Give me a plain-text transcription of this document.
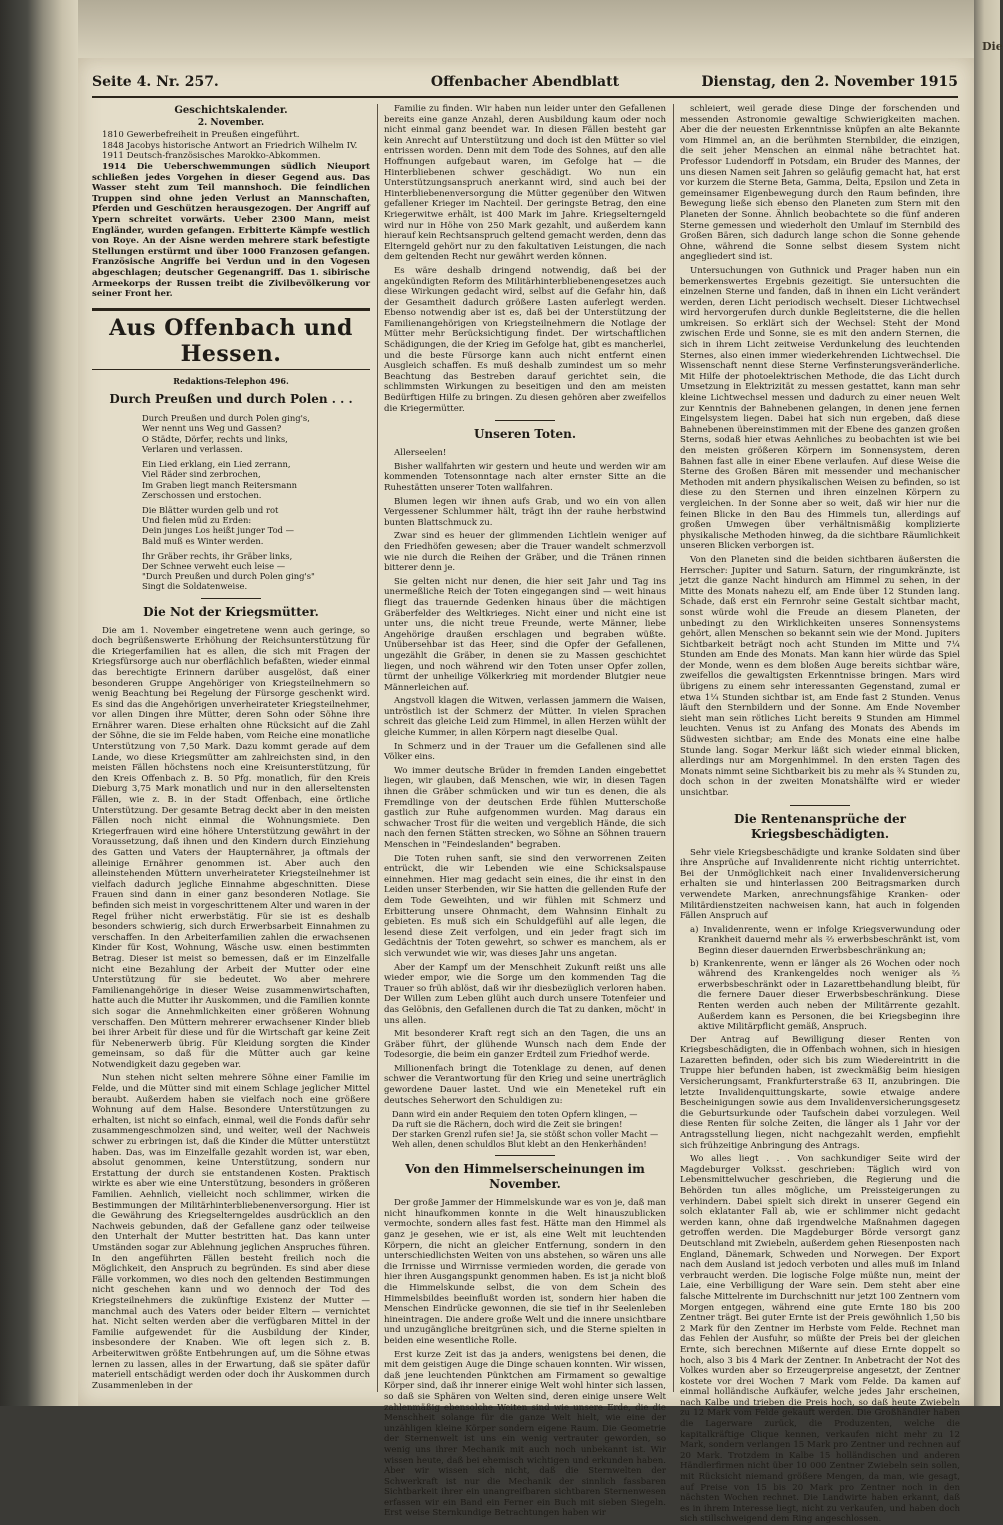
Die
Seite 4. Nr. 257.	Offenbacher Abendblatt	Dienstag, den 2. November 1915
Geschichtskalender.
2. November.

1810 Gewerbefreiheit in Preußen eingeführt.

1848 Jacobys historische Antwort an Friedrich Wilhelm IV.

1911 Deutsch-französisches Marokko-Abkommen.

1914 Die Ueberschwemmungen südlich Nieuport schließen jedes Vorgehen in dieser Gegend aus. Das Wasser steht zum Teil mannshoch. Die feindlichen Truppen sind ohne jeden Verlust an Mannschaften, Pferden und Geschützen herausgezogen. Der Angriff auf Ypern schreitet vorwärts. Ueber 2300 Mann, meist Engländer, wurden gefangen. Erbitterte Kämpfe westlich von Roye. An der Aisne werden mehrere stark befestigte Stellungen erstürmt und über 1000 Franzosen gefangen. Französische Angriffe bei Verdun und in den Vogesen abgeschlagen; deutscher Gegenangriff. Das 1. sibirische Armeekorps der Russen treibt die Zivilbevölkerung vor seiner Front her.

Aus Offenbach und Hessen.
Redaktions-Telephon 496.
Durch Preußen und durch Polen . . .
Durch Preußen und durch Polen ging's,
Wer nennt uns Weg und Gassen?
O Städte, Dörfer, rechts und links,
Verlaren und verlassen.
Ein Lied erklang, ein Lied zerrann,
Viel Räder sind zerbrochen,
Im Graben liegt manch Reitersmann
Zerschossen und erstochen.
Die Blätter wurden gelb und rot
Und fielen müd zu Erden:
Dein junges Los heißt junger Tod —
Bald muß es Winter werden.
Ihr Gräber rechts, ihr Gräber links,
Der Schnee verweht euch leise —
"Durch Preußen und durch Polen ging's"
Singt die Soldatenweise.
Die Not der Kriegsmütter.

Die am 1. November eingetretene wenn auch geringe, so doch begrüßenswerte Erhöhung der Reichsunterstützung für die Kriegerfamilien hat es allen, die sich mit Fragen der Kriegsfürsorge auch nur oberflächlich befaßten, wieder einmal das berechtigte Erinnern darüber ausgelöst, daß einer besonderen Gruppe Angehöriger von Kriegsteilnehmern so wenig Beachtung bei Regelung der Fürsorge geschenkt wird. Es sind das die Angehörigen unverheirateter Kriegsteilnehmer, vor allen Dingen ihre Mütter, deren Sohn oder Söhne ihre Ernährer waren. Diese erhalten ohne Rücksicht auf die Zahl der Söhne, die sie im Felde haben, vom Reiche eine monatliche Unterstützung von 7,50 Mark. Dazu kommt gerade auf dem Lande, wo diese Kriegsmütter am zahlreichsten sind, in den meisten Fällen höchstens noch eine Kreisunterstützung, für den Kreis Offenbach z. B. 50 Pfg. monatlich, für den Kreis Dieburg 3,75 Mark monatlich und nur in den allerseltensten Fällen, wie z. B. in der Stadt Offenbach, eine örtliche Unterstützung. Der gesamte Betrag deckt aber in den meisten Fällen noch nicht einmal die Wohnungsmiete. Den Kriegerfrauen wird eine höhere Unterstützung gewährt in der Voraussetzung, daß ihnen und den Kindern durch Einziehung des Gatten und Vaters der Haupternährer, ja oftmals der alleinige Ernährer genommen ist. Aber auch den alleinstehenden Müttern unverheirateter Kriegsteilnehmer ist vielfach dadurch jegliche Einnahme abgeschnitten. Diese Frauen sind dann in einer ganz besonderen Notlage. Sie befinden sich meist in vorgeschrittenem Alter und waren in der Regel früher nicht erwerbstätig. Für sie ist es deshalb besonders schwierig, sich durch Erwerbsarbeit Einnahmen zu verschaffen. In den Arbeiterfamilien zahlen die erwachsenen Kinder für Kost, Wohnung, Wäsche usw. einen bestimmten Betrag. Dieser ist meist so bemessen, daß er im Einzelfalle nicht eine Bezahlung der Arbeit der Mutter oder eine Unterstützung für sie bedeutet. Wo aber mehrere Familienangehörige in dieser Weise zusammenwirtschaften, hatte auch die Mutter ihr Auskommen, und die Familien konnte sich sogar die Annehmlichkeiten einer größeren Wohnung verschaffen. Den Müttern mehrerer erwachsener Kinder blieb bei ihrer Arbeit für diese und für die Wirtschaft gar keine Zeit für Nebenerwerb übrig. Für Kleidung sorgten die Kinder gemeinsam, so daß für die Mütter auch gar keine Notwendigkeit dazu gegeben war.

Nun stehen nicht selten mehrere Söhne einer Familie im Felde, und die Mütter sind mit einem Schlage jeglicher Mittel beraubt. Außerdem haben sie vielfach noch eine größere Wohnung auf dem Halse. Besondere Unterstützungen zu erhalten, ist nicht so einfach, einmal, weil die Fonds dafür sehr zusammengeschmolzen sind, und weiter, weil der Nachweis schwer zu erbringen ist, daß die Kinder die Mütter unterstützt haben. Das, was im Einzelfalle gezahlt worden ist, war eben, absolut genommen, keine Unterstützung, sondern nur Erstattung der durch sie entstandenen Kosten. Praktisch wirkte es aber wie eine Unterstützung, besonders in größeren Familien. Aehnlich, vielleicht noch schlimmer, wirken die Bestimmungen der Militärhinterbliebenenversorgung. Hier ist die Gewährung des Kriegselterngeldes ausdrücklich an den Nachweis gebunden, daß der Gefallene ganz oder teilweise den Unterhalt der Mutter bestritten hat. Das kann unter Umständen sogar zur Ablehnung jeglichen Anspruches führen. In den angeführten Fällen besteht freilich noch die Möglichkeit, den Anspruch zu begründen. Es sind aber diese Fälle vorkommen, wo dies noch den geltenden Bestimmungen nicht geschehen kann und wo dennoch der Tod des Kriegsteilnehmers die zukünftige Existenz der Mutter — manchmal auch des Vaters oder beider Eltern — vernichtet hat. Nicht selten werden aber die verfügbaren Mittel in der Familie aufgewendet für die Ausbildung der Kinder, insbesondere der Knaben. Wie oft legen sich z. B. Arbeiterwitwen größte Entbehrungen auf, um die Söhne etwas lernen zu lassen, alles in der Erwartung, daß sie später dafür materiell entschädigt werden oder doch ihr Auskommen durch Zusammenleben in der

Familie zu finden. Wir haben nun leider unter den Gefallenen bereits eine ganze Anzahl, deren Ausbildung kaum oder noch nicht einmal ganz beendet war. In diesen Fällen besteht gar kein Anrecht auf Unterstützung und doch ist den Mütter so viel entrissen worden. Denn mit dem Tode des Sohnes, auf den alle Hoffnungen aufgebaut waren, im Gefolge hat — die Hinterbliebenen schwer geschädigt. Wo nun ein Unterstützungsanspruch anerkannt wird, sind auch bei der Hinterbliebenenversorgung die Mütter gegenüber den Witwen gefallener Krieger im Nachteil. Der geringste Betrag, den eine Kriegerwitwe erhält, ist 400 Mark im Jahre. Kriegselterngeld wird nur in Höhe von 250 Mark gezahlt, und außerdem kann hierauf kein Rechtsanspruch geltend gemacht werden, denn das Elterngeld gehört nur zu den fakultativen Leistungen, die nach dem geltenden Recht nur gewährt werden können.

Es wäre deshalb dringend notwendig, daß bei der angekündigten Reform des Militärhinterbliebenengesetzes auch diese Wirkungen gedacht wird, selbst auf die Gefahr hin, daß der Gesamtheit dadurch größere Lasten auferlegt werden. Ebenso notwendig aber ist es, daß bei der Unterstützung der Familienangehörigen von Kriegsteilnehmern die Notlage der Mütter mehr Berücksichtigung findet. Der wirtschaftlichen Schädigungen, die der Krieg im Gefolge hat, gibt es mancherlei, und die beste Fürsorge kann auch nicht entfernt einen Ausgleich schaffen. Es muß deshalb zumindest um so mehr Beachtung das Bestreben darauf gerichtet sein, die schlimmsten Wirkungen zu beseitigen und den am meisten Bedürftigen Hilfe zu bringen. Zu diesen gehören aber zweifellos die Kriegermütter.

Unseren Toten.

Allerseelen!

Bisher wallfahrten wir gestern und heute und werden wir am kommenden Totensonntage nach alter ernster Sitte an die Ruhestätten unserer Toten wallfahren.

Blumen legen wir ihnen aufs Grab, und wo ein von allen Vergessener Schlummer hält, trägt ihn der rauhe herbstwind bunten Blattschmuck zu.

Zwar sind es heuer der glimmenden Lichtlein weniger auf den Friedhöfen gewesen; aber die Trauer wandelt schmerzvoll wie nie durch die Reihen der Gräber, und die Tränen rinnen bitterer denn je.

Sie gelten nicht nur denen, die hier seit Jahr und Tag ins unermeßliche Reich der Toten eingegangen sind — weit hinaus fliegt das trauernde Gedenken hinaus über die mächtigen Gräberfelder des Weltkrieges. Nicht einer und nicht eine ist unter uns, die nicht treue Freunde, werte Männer, liebe Angehörige draußen erschlagen und begraben wüßte. Unübersehbar ist das Heer, sind die Opfer der Gefallenen, ungezählt die Gräber, in denen sie zu Massen geschichtet liegen, und noch während wir den Toten unser Opfer zollen, türmt der unheilige Völkerkrieg mit mordender Blutgier neue Männerleichen auf.

Angstvoll klagen die Witwen, verlassen jammern die Waisen, untröstlich ist der Schmerz der Mütter. In vielen Sprachen schreit das gleiche Leid zum Himmel, in allen Herzen wühlt der gleiche Kummer, in allen Körpern nagt dieselbe Qual.

In Schmerz und in der Trauer um die Gefallenen sind alle Völker eins.

Wo immer deutsche Brüder in fremden Landen eingebettet liegen, wir glauben, daß Menschen, wie wir, in diesen Tagen ihnen die Gräber schmücken und wir tun es denen, die als Fremdlinge von der deutschen Erde fühlen Mutterschoße gastlich zur Ruhe aufgenommen wurden. Mag daraus ein schwacher Trost für die weiten und vergeblich Hände, die sich nach den fernen Stätten strecken, wo Söhne an Söhnen trauern Menschen in "Feindeslanden" begraben.

Die Toten ruhen sanft, sie sind den verworrenen Zeiten entrückt, die wir Lebenden wie eine Schicksalspause einnehmen. Hier mag gedacht sein eines, die ihr einst in den Leiden unser Sterbenden, wir Sie hatten die gellenden Rufe der dem Tode Geweihten, und wir fühlen mit Schmerz und Erbitterung unsere Ohnmacht, dem Wahnsinn Einhalt zu gebieten. Es muß sich ein Schuldgefühl auf alle legen, die lesend diese Zeit verfolgen, und ein jeder fragt sich im Gedächtnis der Toten gewehrt, so schwer es manchem, als er sich verwundet wie wir, was dieses Jahr uns angetan.

Aber der Kampf um der Menschheit Zukunft reißt uns alle wieder empor, wie die Sorge um den kommenden Tag die Trauer so früh ablöst, daß wir ihr diesbezüglich verloren haben. Der Willen zum Leben glüht auch durch unsere Totenfeier und das Gelöbnis, den Gefallenen durch die Tat zu danken, möcht' in uns allen.

Mit besonderer Kraft regt sich an den Tagen, die uns an Gräber führt, der glühende Wunsch nach dem Ende der Todesorgie, die beim ein ganzer Erdteil zum Friedhof werde.

Millionenfach bringt die Totenklage zu denen, auf denen schwer die Verantwortung für den Krieg und seine unerträglich gewordene Dauer lastet. Und wie ein Menetekel ruft ein deutsches Seherwort den Schuldigen zu:

Dann wird ein ander Requiem den toten Opfern klingen, —
Da ruft sie die Rächern, doch wird die Zeit sie bringen!
Der starken Grenzl rufen sie! Ja, sie stößt schon voller Macht —
Weh allen, denen schuldlos Blut klebt an den Henkerhänden!
Von den Himmelserscheinungen im November.

Der große Jammer der Himmelskunde war es von je, daß man nicht hinaufkommen konnte in die Welt hinauszublicken vermochte, sondern alles fast fest. Hätte man den Himmel als ganz je gesehen, wie er ist, als eine Welt mit leuchtenden Körpern, die nicht an gleicher Entfernung, sondern in den unterschiedlichsten Weiten von uns abstehen, so wären uns alle die Irrnisse und Wirrnisse vermieden worden, die gerade von hier ihren Ausgangspunkt genommen haben. Es ist ja nicht bloß die Himmelskunde selbst, die von dem Schein des Himmelsbildes beeinflußt worden ist, sondern hier haben die Menschen Eindrücke gewonnen, die sie tief in ihr Seelenleben hineintragen. Die andere große Welt und die innere unsichtbare und unzugängliche breitgrünen sich, und die Sterne spielten in beiden eine wesentliche Rolle.

Erst kurze Zeit ist das ja anders, wenigstens bei denen, die mit dem geistigen Auge die Dinge schauen konnten. Wir wissen, daß jene leuchtenden Pünktchen am Firmament so gewaltige Körper sind, daß ihr innerer einige Welt wohl hinter sich lassen, so daß sie Sphären von Welten sind, deren einige unsere Welt zahlenmäßig ebensolche Weiten sind wie unsere Erde, die die Menschheit solange für die ganze Welt hielt, wie eine der unzähligen kleine Körper sondern eigene Raum. Die Geometrie der Sternenwelt ist uns ein wenig vertrauter geworden, so wenig uns ihrer Mechanik mit auch noch unbekannt ist. Wir wissen heute, daß bei ehemisch wichtigen und erkunden haben. Aber wir wissen sich nicht, daß die Sternwelten der Schwerkraft ist nur die Mechanik der sinnlich fassbaren Sichtbarkeit ihrer ein unangreifbaren sichtbaren Sternenwesen erfassen wir ein Band ein Ferner ein Buch mit sieben Siegeln. Erst weise Sternkundige Betrachtungen haben wir

schleiert, weil gerade diese Dinge der forschenden und messenden Astronomie gewaltige Schwierigkeiten machen. Aber die der neuesten Erkenntnisse knüpfen an alte Bekannte vom Himmel an, an die berühmten Sternbilder, die einzigen, die seit jeher Menschen an einmal nähe betrachtet hat. Professor Ludendorff in Potsdam, ein Bruder des Mannes, der uns diesen Namen seit Jahren so geläufig gemacht hat, hat erst vor kurzem die Sterne Beta, Gamma, Delta, Epsilon und Zeta in gemeinsamer Eigenbewegung durch den Raum befinden, ihre Bewegung ließe sich ebenso den Planeten zum Stern mit den Planeten der Sonne. Ähnlich beobachtete so die fünf anderen Sterne gemessen und wiederholt den Umlauf im Sternbild des Großen Bären, sich dadurch lange schon die Sonne gehende Ohne, während die Sonne selbst diesem System nicht angegliedert sind ist.

Untersuchungen von Guthnick und Prager haben nun ein bemerkenswertes Ergebnis gezeitigt. Sie untersuchten die einzelnen Sterne und fanden, daß in ihnen ein Licht verändert werden, deren Licht periodisch wechselt. Dieser Lichtwechsel wird hervorgerufen durch dunkle Begleitsterne, die die hellen umkreisen. So erklärt sich der Wechsel: Steht der Mond zwischen Erde und Sonne, sie es mit den andern Sternen, die sich in ihrem Licht zeitweise Verdunkelung des leuchtenden Sternes, also einen immer wiederkehrenden Lichtwechsel. Die Wissenschaft nennt diese Sterne Verfinsterungsveränderliche. Mit Hilfe der photoelektrischen Methode, die das Licht durch Umsetzung in Elektrizität zu messen gestattet, kann man sehr kleine Lichtwechsel messen und dadurch zu einer neuen Welt zur Kenntnis der Bahnebenen gelangen, in denen jene fernen Eingelsystem liegen. Dabei hat sich nun ergeben, daß diese Bahnebenen übereinstimmen mit der Ebene des ganzen großen Sterns, sodaß hier etwas Aehnliches zu beobachten ist wie bei den meisten größeren Körpern im Sonnensystem, deren Bahnen fast alle in einer Ebene verlaufen. Auf diese Weise die Sterne des Großen Bären mit messender und mechanischer Methoden mit andern physikalischen Weisen zu befinden, so ist diese zu den Sternen und ihren einzelnen Körpern zu vergleichen. In der Sonne aber so weit, daß wir hier nur die feinen Blicke in den Bau des Himmels tun, allerdings auf großen Umwegen über verhältnismäßig komplizierte physikalische Methoden hinweg, da die sichtbare Räumlichkeit unseren Blicken verborgen ist.

Von den Planeten sind die beiden sichtbaren äußersten die Herrscher: Jupiter und Saturn. Saturn, der ringumkränzte, ist jetzt die ganze Nacht hindurch am Himmel zu sehen, in der Mitte des Monats nahezu elf, am Ende über 12 Stunden lang. Schade, daß erst ein Fernrohr seine Gestalt sichtbar macht, sonst würde wohl die Freude an diesem Planeten, der unbedingt zu den Wirklichkeiten unseres Sonnensystems gehört, allen Menschen so bekannt sein wie der Mond. Jupiters Sichtbarkeit beträgt noch acht Stunden im Mitte und 7¼ Stunden am Ende des Monats. Man kann hier würde das Spiel der Monde, wenn es dem bloßen Auge bereits sichtbar wäre, zweifellos die gewaltigsten Erkenntnisse bringen. Mars wird übrigens zu einem sehr interessanten Gegenstand, zumal er etwa 1¼ Stunden sichtbar ist, am Ende fast 2 Stunden. Venus läuft den Sternbildern und der Sonne. Am Ende November sieht man sein rötliches Licht bereits 9 Stunden am Himmel leuchten. Venus ist zu Anfang des Monats des Abends im Südwesten sichtbar; am Ende des Monats eine eine halbe Stunde lang. Sogar Merkur läßt sich wieder einmal blicken, allerdings nur am Morgenhimmel. In den ersten Tagen des Monats nimmt seine Sichtbarkeit bis zu mehr als ¾ Stunden zu, doch schon in der zweiten Monatshälfte wird er wieder unsichtbar.

Die Rentenansprüche der Kriegsbeschädigten.

Sehr viele Kriegsbeschädigte und kranke Soldaten sind über ihre Ansprüche auf Invalidenrente nicht richtig unterrichtet. Bei der Unmöglichkeit nach einer Invalidenversicherung erhalten sie und hinterlassen 200 Beitragsmarken durch verwendete Marken, anrechnungsfähige Kranken- oder Militärdienstzeiten nachweisen kann, hat auch in folgenden Fällen Anspruch auf

a) Invalidenrente, wenn er infolge Kriegsverwundung oder Krankheit dauernd mehr als ⅔ erwerbsbeschränkt ist, vom Beginn dieser dauernden Erwerbsbeschränkung an;

b) Krankenrente, wenn er länger als 26 Wochen oder noch während des Krankengeldes noch weniger als ⅔ erwerbsbeschränkt oder in Lazarettbehandlung bleibt, für die fernere Dauer dieser Erwerbsbeschränkung. Diese Renten werden auch neben der Militärrente gezahlt. Außerdem kann es Personen, die bei Kriegsbeginn ihre aktive Militärpflicht gemäß, Anspruch.

Der Antrag auf Bewilligung dieser Renten von Kriegsbeschädigten, die in Offenbach wohnen, sich in hiesigen Lazaretten befinden, oder sich bis zum Wiedereintritt in die Truppe hier befunden haben, ist zweckmäßig beim hiesigen Versicherungsamt, Frankfurterstraße 63 II, anzubringen. Die letzte Invalidenquittungskarte, sowie etwaige andere Bescheinigungen sowie aus dem Invalidenversicherungsgesetz die Geburtsurkunde oder Taufschein dabei vorzulegen. Weil diese Renten für solche Zeiten, die länger als 1 Jahr vor der Antragsstellung liegen, nicht nachgezahlt werden, empfiehlt sich frühzeitige Anbringung des Antrags.

Wo alles liegt . . . Von sachkundiger Seite wird der Magdeburger Volksst. geschrieben: Täglich wird von Lebensmittelwucher geschrieben, die Regierung und die Behörden tun alles mögliche, um Preissteigerungen zu verhindern. Dabei spielt sich direkt in unserer Gegend ein solch eklatanter Fall ab, wie er schlimmer nicht gedacht werden kann, ohne daß irgendwelche Maßnahmen dagegen getroffen werden. Die Magdeburger Börde versorgt ganz Deutschland mit Zwiebeln, außerdem gehen Riesenposten nach England, Dänemark, Schweden und Norwegen. Der Export nach dem Ausland ist jedoch verboten und alles muß im Inland verbraucht werden. Die logische Folge müßte nun, meint der Laie, eine Verbilligung der Ware sein. Dem steht aber eine falsche Mittelrente im Durchschnitt nur jetzt 100 Zentnern vom Morgen entgegen, während eine gute Ernte 180 bis 200 Zentner trägt. Bei guter Ernte ist der Preis gewöhnlich 1,50 bis 2 Mark für den Zentner im Herbste vom Felde. Rechnet man das Fehlen der Ausfuhr, so müßte der Preis bei der gleichen Ernte, sich berechnen Mißernte auf diese Ernte doppelt so hoch, also 3 bis 4 Mark der Zentner. In Anbetracht der Not des Volkes wurden aber so Erzeugerpreise angesetzt, der Zentner kostete vor drei Wochen 7 Mark vom Felde. Da kamen auf einmal holländische Aufkäufer, welche jedes Jahr erscheinen, nach Kalbe und trieben die Preis hoch, so daß heute Zwiebeln zu 12 Mark vom Felde gekauft werden. Die Großhändler haben die Lagerware zurück, die Produzenten, welche die kapitalkräftige Clique kennen, verkaufen nicht mehr zu 12 Mark, sondern verlangen 15 Mark pro Zentner und rechnen auf 20 Mark. Trotzdem in Kalbe 15 holländischen und anderen Händlerfirmen nicht über 10 000 Zentner Zwiebeln sein sollen, mit Rücksicht niemand größere Mengen, da man, wie gesagt, auf Preise von 15 bis 20 Mark pro Zentner noch in den nächsten Wochen rechnet. Die Landwirte haben erkannt, daß es in ihrem Interesse liegt, nicht zu verkaufen, und haben doch sich stillschweigend dem Ring angeschlossen.
